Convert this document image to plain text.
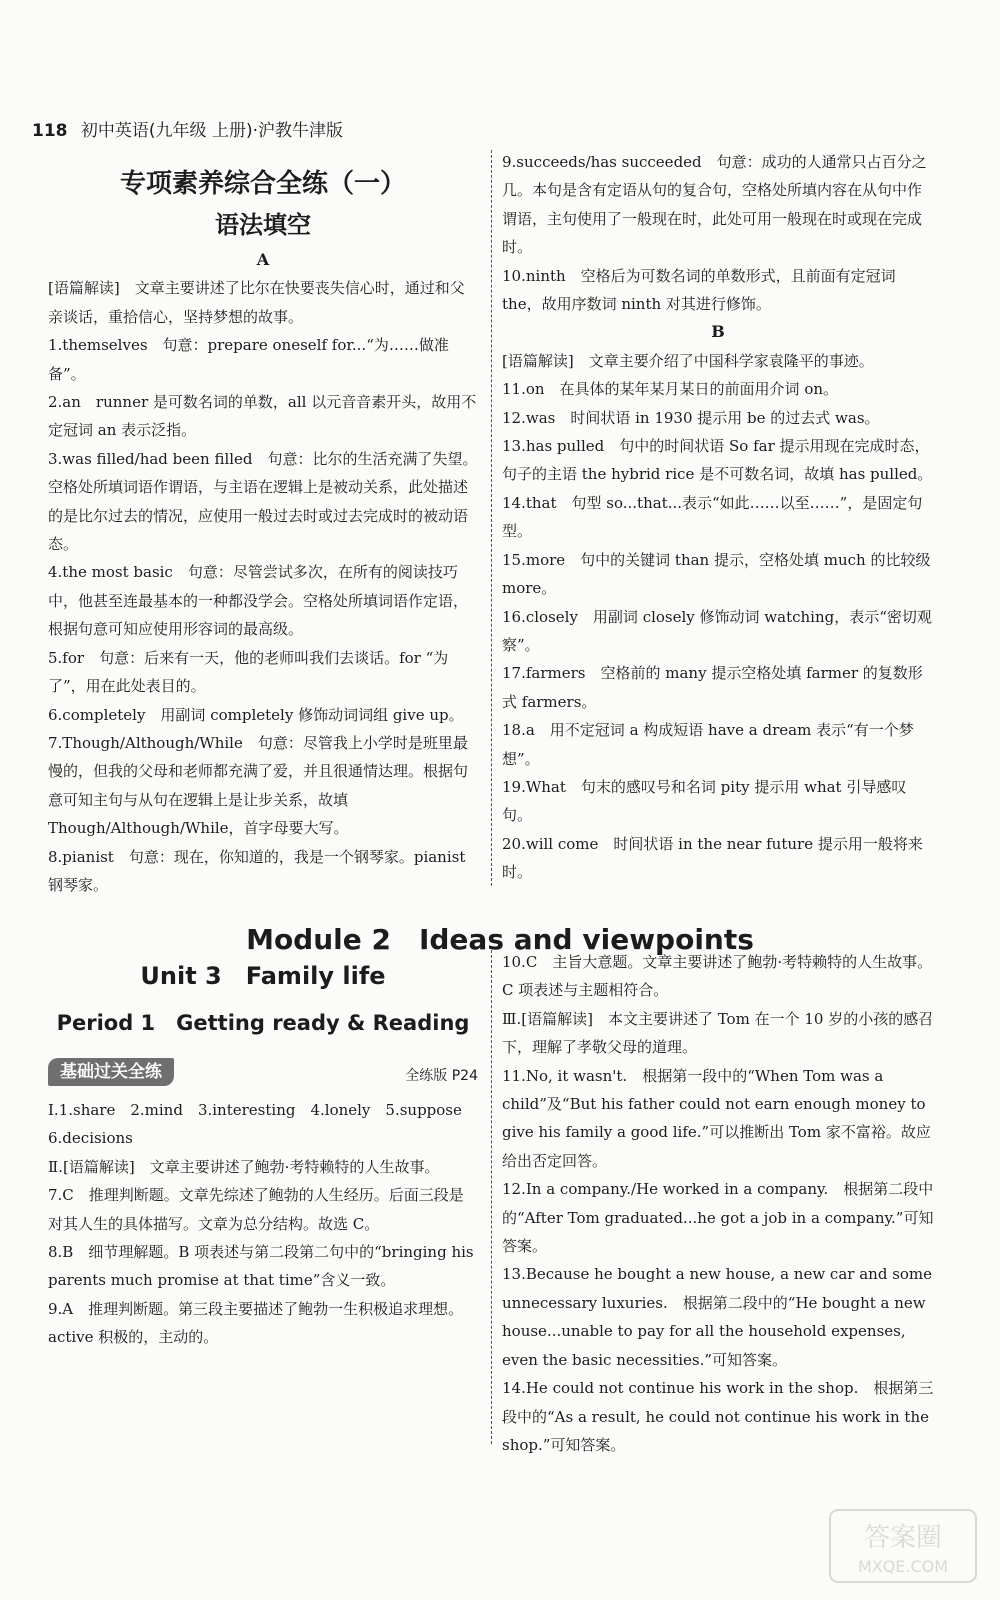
118 初中英语(九年级 上册)·沪教牛津版
专项素养综合全练（一）
语法填空

A

[语篇解读]　文章主要讲述了比尔在快要丧失信心时，通过和父亲谈话，重拾信心，坚持梦想的故事。

1.themselves　句意：prepare oneself for...“为……做准备”。

2.an　runner 是可数名词的单数，all 以元音音素开头，故用不定冠词 an 表示泛指。

3.was filled/had been filled　句意：比尔的生活充满了失望。空格处所填词语作谓语，与主语在逻辑上是被动关系，此处描述的是比尔过去的情况，应使用一般过去时或过去完成时的被动语态。

4.the most basic　句意：尽管尝试多次，在所有的阅读技巧中，他甚至连最基本的一种都没学会。空格处所填词语作定语，根据句意可知应使用形容词的最高级。

5.for　句意：后来有一天，他的老师叫我们去谈话。for “为了”，用在此处表目的。

6.completely　用副词 completely 修饰动词词组 give up。

7.Though/Although/While　句意：尽管我上小学时是班里最慢的，但我的父母和老师都充满了爱，并且很通情达理。根据句意可知主句与从句在逻辑上是让步关系，故填 Though/Although/While，首字母要大写。

8.pianist　句意：现在，你知道的，我是一个钢琴家。pianist 钢琴家。

9.succeeds/has succeeded　句意：成功的人通常只占百分之几。本句是含有定语从句的复合句，空格处所填内容在从句中作谓语，主句使用了一般现在时，此处可用一般现在时或现在完成时。

10.ninth　空格后为可数名词的单数形式，且前面有定冠词 the，故用序数词 ninth 对其进行修饰。

B

[语篇解读]　文章主要介绍了中国科学家袁隆平的事迹。

11.on　在具体的某年某月某日的前面用介词 on。

12.was　时间状语 in 1930 提示用 be 的过去式 was。

13.has pulled　句中的时间状语 So far 提示用现在完成时态，句子的主语 the hybrid rice 是不可数名词，故填 has pulled。

14.that　句型 so...that...表示“如此……以至……”，是固定句型。

15.more　句中的关键词 than 提示，空格处填 much 的比较级 more。

16.closely　用副词 closely 修饰动词 watching，表示“密切观察”。

17.farmers　空格前的 many 提示空格处填 farmer 的复数形式 farmers。

18.a　用不定冠词 a 构成短语 have a dream 表示“有一个梦想”。

19.What　句末的感叹号和名词 pity 提示用 what 引导感叹句。

20.will come　时间状语 in the near future 提示用一般将来时。

Module 2　Ideas and viewpoints
Unit 3　Family life
Period 1　Getting ready & Reading
基础过关全练	全练版 P24

Ⅰ.1.share　2.mind　3.interesting　4.lonely　5.suppose　6.decisions

Ⅱ.[语篇解读]　文章主要讲述了鲍勃·考特赖特的人生故事。

7.C　推理判断题。文章先综述了鲍勃的人生经历。后面三段是对其人生的具体描写。文章为总分结构。故选 C。

8.B　细节理解题。B 项表述与第二段第二句中的“bringing his parents much promise at that time”含义一致。

9.A　推理判断题。第三段主要描述了鲍勃一生积极追求理想。active 积极的，主动的。

10.C　主旨大意题。文章主要讲述了鲍勃·考特赖特的人生故事。C 项表述与主题相符合。

Ⅲ.[语篇解读]　本文主要讲述了 Tom 在一个 10 岁的小孩的感召下，理解了孝敬父母的道理。

11.No, it wasn't.　根据第一段中的“When Tom was a child”及“But his father could not earn enough money to give his family a good life.”可以推断出 Tom 家不富裕。故应给出否定回答。

12.In a company./He worked in a company.　根据第二段中的“After Tom graduated...he got a job in a company.”可知答案。

13.Because he bought a new house, a new car and some unnecessary luxuries.　根据第二段中的“He bought a new house...unable to pay for all the household expenses, even the basic necessities.”可知答案。

14.He could not continue his work in the shop.　根据第三段中的“As a result, he could not continue his work in the shop.”可知答案。

答案圈
MXQE.COM
